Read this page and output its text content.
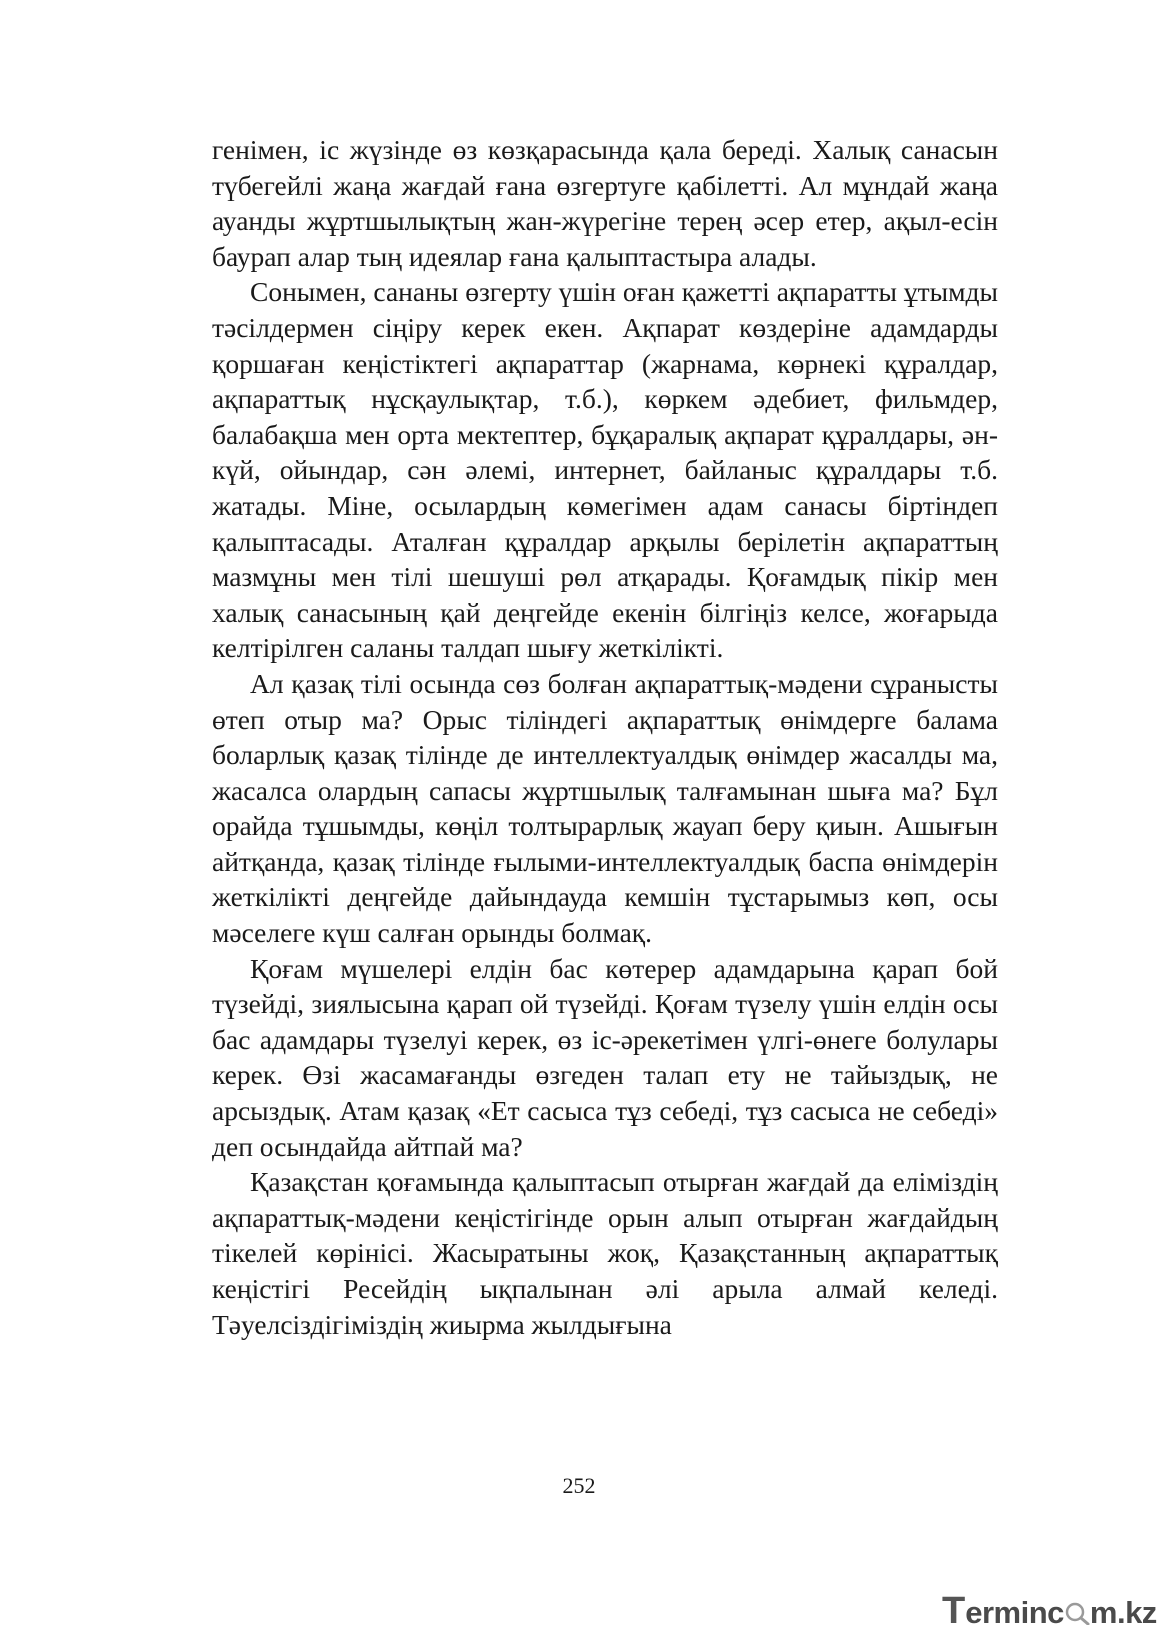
генімен, іс жүзінде өз көзқарасында қала береді. Халық санасын түбегейлі жаңа жағдай ғана өзгертуге қабілетті. Ал мұндай жаңа ауанды жұртшылықтың жан-жүрегіне терең әсер етер, ақыл-есін баурап алар тың идеялар ғана қалыптастыра алады.

Сонымен, сананы өзгерту үшін оған қажетті ақпаратты ұтымды тәсілдермен сіңіру керек екен. Ақпарат көздеріне адамдарды қоршаған кеңістіктегі ақпараттар (жарнама, көрнекі құралдар, ақпараттық нұсқаулықтар, т.б.), көркем әдебиет, фильмдер, балабақша мен орта мектептер, бұқаралық ақпарат құралдары, ән-күй, ойындар, сән әлемі, интернет, байланыс құралдары т.б. жатады. Міне, осылардың көмегімен адам санасы біртіндеп қалыптасады. Аталған құралдар арқылы берілетін ақпараттың мазмұны мен тілі шешуші рөл атқарады. Қоғамдық пікір мен халық санасының қай деңгейде екенін білгіңіз келсе, жоғарыда келтірілген саланы талдап шығу жеткілікті.

Ал қазақ тілі осында сөз болған ақпараттық-мәдени сұранысты өтеп отыр ма? Орыс тіліндегі ақпараттық өнімдерге балама боларлық қазақ тілінде де интеллектуалдық өнімдер жасалды ма, жасалса олардың сапасы жұртшылық талғамынан шыға ма? Бұл орайда тұшымды, көңіл толтырарлық жауап беру қиын. Ашығын айтқанда, қазақ тілінде ғылыми-интеллектуалдық баспа өнімдерін жеткілікті деңгейде дайындауда кемшін тұстарымыз көп, осы мәселеге күш салған орынды болмақ.

Қоғам мүшелері елдін бас көтерер адамдарына қарап бой түзейді, зиялысына қарап ой түзейді. Қоғам түзелу үшін елдін осы бас адамдары түзелуі керек, өз іс-әрекетімен үлгі-өнеге болулары керек. Өзі жасамағанды өзгеден талап ету не тайыздық, не арсыздық. Атам қазақ «Ет сасыса тұз себеді, тұз сасыса не себеді» деп осындайда айтпай ма?

Қазақстан қоғамында қалыптасып отырған жағдай да еліміздің ақпараттық-мәдени кеңістігінде орын алып отырған жағдайдың тікелей көрінісі. Жасыратыны жоқ, Қазақстанның ақпараттық кеңістігі Ресейдің ықпалынан әлі арыла алмай келеді. Тәуелсіздігіміздің жиырма жылдығына

252
Terminc m.kz
